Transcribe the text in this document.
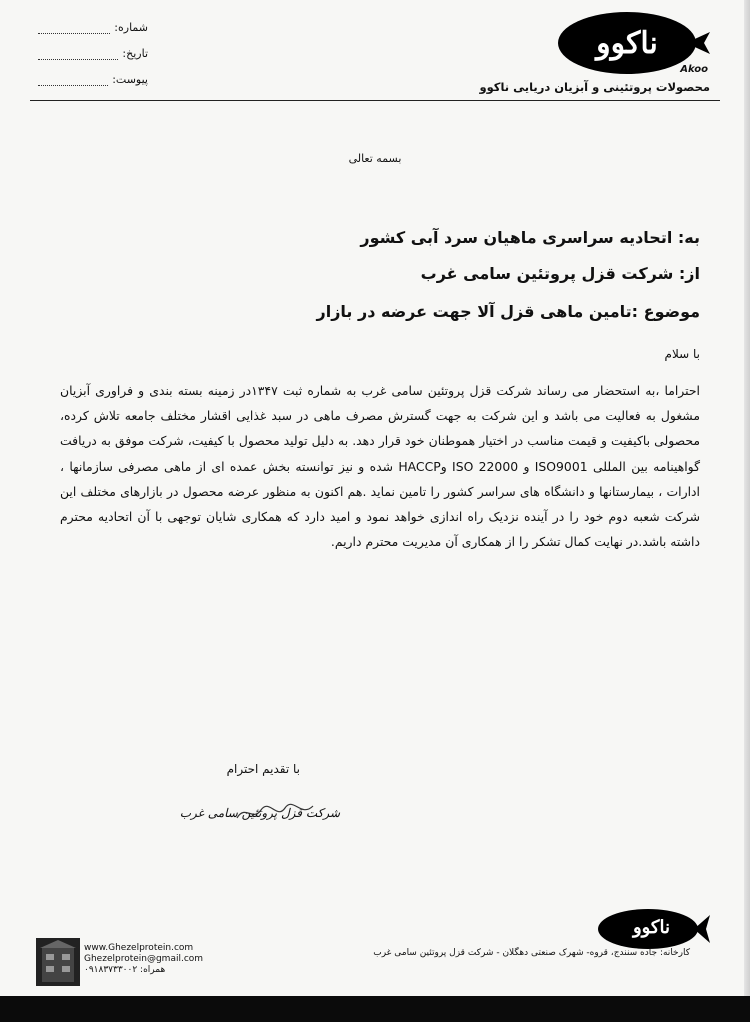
شماره:
تاریخ:
پیوست:
ناکوو
Akoo
محصولات پروتئینی و آبزیان دریایی ناکوو
بسمه تعالی
به: اتحادیه سراسری ماهیان سرد آبی کشور
از: شرکت قزل پروتئین سامی غرب
موضوع :تامین ماهی قزل آلا جهت عرضه در بازار
با سلام
احتراما ،به استحضار می رساند شرکت قزل پروتئین سامی غرب به شماره ثبت ۱۳۴۷در زمینه بسته بندی و فراوری آبزیان مشغول به فعالیت می باشد و این شرکت به جهت گسترش مصرف ماهی در سبد غذایی اقشار مختلف جامعه تلاش کرده، محصولی باکیفیت و قیمت مناسب در اختیار هموطنان خود قرار دهد. به دلیل تولید محصول با کیفیت، شرکت موفق به دریافت گواهینامه بین المللی ISO9001 و ISO 22000 وHACCP شده و نیز توانسته بخش عمده ای از ماهی مصرفی سازمانها ، ادارات ، بیمارستانها و دانشگاه های سراسر کشور را تامین نماید .هم اکنون به منظور عرضه محصول در بازارهای مختلف این شرکت شعبه دوم خود را در آینده نزدیک راه اندازی خواهد نمود و امید دارد که همکاری شایان توجهی با آن اتحادیه محترم داشته باشد.در نهایت کمال تشکر را از همکاری آن مدیریت محترم داریم.
با تقدیم احترام
شرکت قزل پروتئین سامی غرب
ناکوو
کارخانه: جاده سنندج، قروه- شهرک صنعتی دهگلان - شرکت قزل پروتئین سامی غرب
www.Ghezelprotein.com
Ghezelprotein@gmail.com
همراه: ۰۹۱۸۳۷۳۳۰۰۲
